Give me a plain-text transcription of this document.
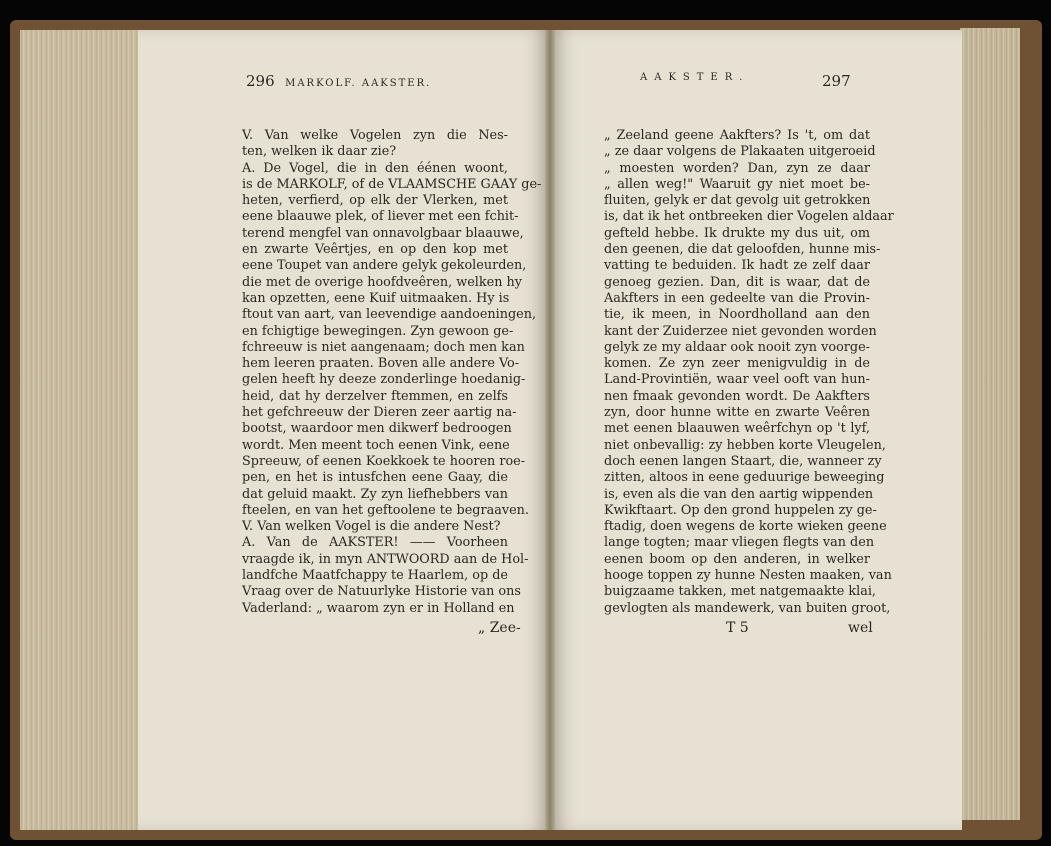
296 MARKOLF. AAKSTER.
AAKSTER.	297
V. Van welke Vogelen zyn die Nes-
ten, welken ik daar zie?
A. De Vogel, die in den éénen woont,
is de MARKOLF, of de VLAAMSCHE GAAY ge-
heten, verfierd, op elk der Vlerken, met
eene blaauwe plek, of liever met een fchit-
terend mengfel van onnavolgbaar blaauwe,
en zwarte Veêrtjes, en op den kop met
eene Toupet van andere gelyk gekoleurden,
die met de overige hoofdveêren, welken hy
kan opzetten, eene Kuif uitmaaken. Hy is
ftout van aart, van leevendige aandoeningen,
en fchigtige bewegingen. Zyn gewoon ge-
fchreeuw is niet aangenaam; doch men kan
hem leeren praaten. Boven alle andere Vo-
gelen heeft hy deeze zonderlinge hoedanig-
heid, dat hy derzelver ftemmen, en zelfs
het gefchreeuw der Dieren zeer aartig na-
bootst, waardoor men dikwerf bedroogen
wordt. Men meent toch eenen Vink, eene
Spreeuw, of eenen Koekkoek te hooren roe-
pen, en het is intusfchen eene Gaay, die
dat geluid maakt. Zy zyn liefhebbers van
fteelen, en van het geftoolene te begraaven.
V. Van welken Vogel is die andere Nest?
A. Van de AAKSTER! —— Voorheen
vraagde ik, in myn ANTWOORD aan de Hol-
landfche Maatfchappy te Haarlem, op de
Vraag over de Natuurlyke Historie van ons
Vaderland: „ waarom zyn er in Holland en
„ Zeeland geene Aakfters? Is 't, om dat
„ ze daar volgens de Plakaaten uitgeroeid
„ moesten worden? Dan, zyn ze daar
„ allen weg!" Waaruit gy niet moet be-
fluiten, gelyk er dat gevolg uit getrokken
is, dat ik het ontbreeken dier Vogelen aldaar
gefteld hebbe. Ik drukte my dus uit, om
den geenen, die dat geloofden, hunne mis-
vatting te beduiden. Ik hadt ze zelf daar
genoeg gezien. Dan, dit is waar, dat de
Aakfters in een gedeelte van die Provin-
tie, ik meen, in Noordholland aan den
kant der Zuiderzee niet gevonden worden
gelyk ze my aldaar ook nooit zyn voorge-
komen. Ze zyn zeer menigvuldig in de
Land-Provintiën, waar veel ooft van hun-
nen fmaak gevonden wordt. De Aakfters
zyn, door hunne witte en zwarte Veêren
met eenen blaauwen weêrfchyn op 't lyf,
niet onbevallig: zy hebben korte Vleugelen,
doch eenen langen Staart, die, wanneer zy
zitten, altoos in eene geduurige beweeging
is, even als die van den aartig wippenden
Kwikftaart. Op den grond huppelen zy ge-
ftadig, doen wegens de korte wieken geene
lange togten; maar vliegen flegts van den
eenen boom op den anderen, in welker
hooge toppen zy hunne Nesten maaken, van
buigzaame takken, met natgemaakte klai,
gevlogten als mandewerk, van buiten groot,
„ Zee-	T 5	wel
